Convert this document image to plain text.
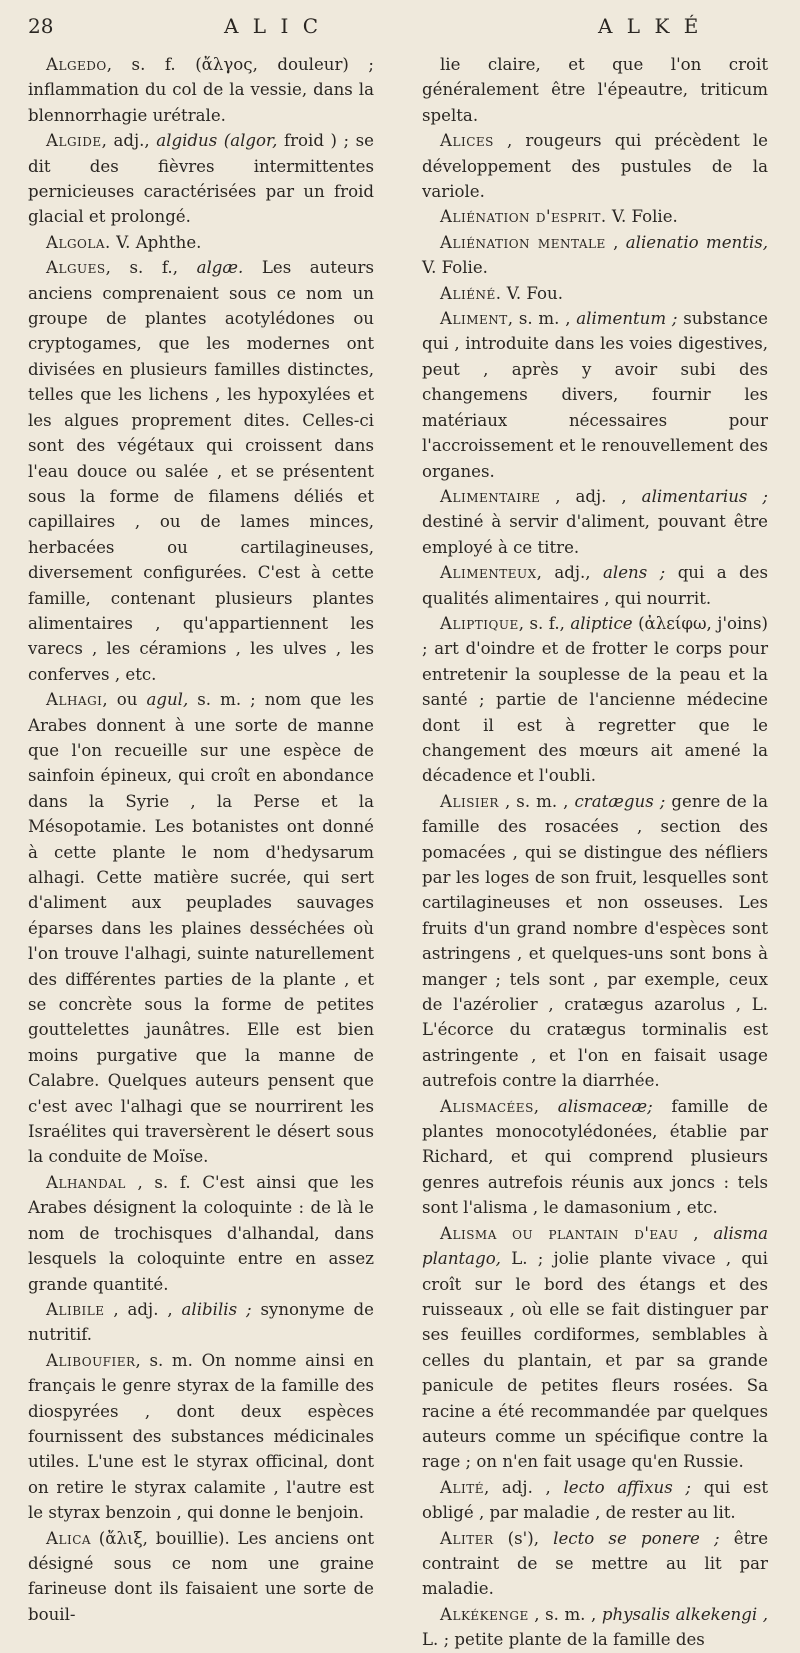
28	A L I C	A L K É

Algedo, s. f. (ἄλγος, douleur) ; inflammation du col de la vessie, dans la blennorrhagie urétrale.

Algide, adj., algidus (algor, froid ) ; se dit des fièvres intermittentes pernicieuses caractérisées par un froid glacial et prolongé.

Algola. V. Aphthe.

Algues, s. f., algæ. Les auteurs anciens comprenaient sous ce nom un groupe de plantes acotylédones ou cryptogames, que les modernes ont divisées en plusieurs familles distinctes, telles que les lichens , les hypoxylées et les algues proprement dites. Celles-ci sont des végétaux qui croissent dans l'eau douce ou salée , et se présentent sous la forme de filamens déliés et capillaires , ou de lames minces, herbacées ou cartilagineuses, diversement configurées. C'est à cette famille, contenant plusieurs plantes alimentaires , qu'appartiennent les varecs , les céramions , les ulves , les conferves , etc.

Alhagi, ou agul, s. m. ; nom que les Arabes donnent à une sorte de manne que l'on recueille sur une espèce de sainfoin épineux, qui croît en abondance dans la Syrie , la Perse et la Mésopotamie. Les botanistes ont donné à cette plante le nom d'hedysarum alhagi. Cette matière sucrée, qui sert d'aliment aux peuplades sauvages éparses dans les plaines desséchées où l'on trouve l'alhagi, suinte naturellement des différentes parties de la plante , et se concrète sous la forme de petites gouttelettes jaunâtres. Elle est bien moins purgative que la manne de Calabre. Quelques auteurs pensent que c'est avec l'alhagi que se nourrirent les Israélites qui traversèrent le désert sous la conduite de Moïse.

Alhandal , s. f. C'est ainsi que les Arabes désignent la coloquinte : de là le nom de trochisques d'alhandal, dans lesquels la coloquinte entre en assez grande quantité.

Alibile , adj. , alibilis ; synonyme de nutritif.

Aliboufier, s. m. On nomme ainsi en français le genre styrax de la famille des diospyrées , dont deux espèces fournissent des substances médicinales utiles. L'une est le styrax officinal, dont on retire le styrax calamite , l'autre est le styrax benzoin , qui donne le benjoin.

Alica (ἄλιξ, bouillie). Les anciens ont désigné sous ce nom une graine farineuse dont ils faisaient une sorte de bouil-

lie claire, et que l'on croit généralement être l'épeautre, triticum spelta.

Alices , rougeurs qui précèdent le développement des pustules de la variole.

Aliénation d'esprit. V. Folie.

Aliénation mentale , alienatio mentis, V. Folie.

Aliéné. V. Fou.

Aliment, s. m. , alimentum ; substance qui , introduite dans les voies digestives, peut , après y avoir subi des changemens divers, fournir les matériaux nécessaires pour l'accroissement et le renouvellement des organes.

Alimentaire , adj. , alimentarius ; destiné à servir d'aliment, pouvant être employé à ce titre.

Alimenteux, adj., alens ; qui a des qualités alimentaires , qui nourrit.

Aliptique, s. f., aliptice (ἀλείφω, j'oins) ; art d'oindre et de frotter le corps pour entretenir la souplesse de la peau et la santé ; partie de l'ancienne médecine dont il est à regretter que le changement des mœurs ait amené la décadence et l'oubli.

Alisier , s. m. , cratægus ; genre de la famille des rosacées , section des pomacées , qui se distingue des néfliers par les loges de son fruit, lesquelles sont cartilagineuses et non osseuses. Les fruits d'un grand nombre d'espèces sont astringens , et quelques-uns sont bons à manger ; tels sont , par exemple, ceux de l'azérolier , cratægus azarolus , L. L'écorce du cratægus torminalis est astringente , et l'on en faisait usage autrefois contre la diarrhée.

Alismacées, alismaceæ; famille de plantes monocotylédonées, établie par Richard, et qui comprend plusieurs genres autrefois réunis aux joncs : tels sont l'alisma , le damasonium , etc.

Alisma ou plantain d'eau , alisma plantago, L. ; jolie plante vivace , qui croît sur le bord des étangs et des ruisseaux , où elle se fait distinguer par ses feuilles cordiformes, semblables à celles du plantain, et par sa grande panicule de petites fleurs rosées. Sa racine a été recommandée par quelques auteurs comme un spécifique contre la rage ; on n'en fait usage qu'en Russie.

Alité, adj. , lecto affixus ; qui est obligé , par maladie , de rester au lit.

Aliter (s'), lecto se ponere ; être contraint de se mettre au lit par maladie.

Alkékenge , s. m. , physalis alkekengi , L. ; petite plante de la famille des
